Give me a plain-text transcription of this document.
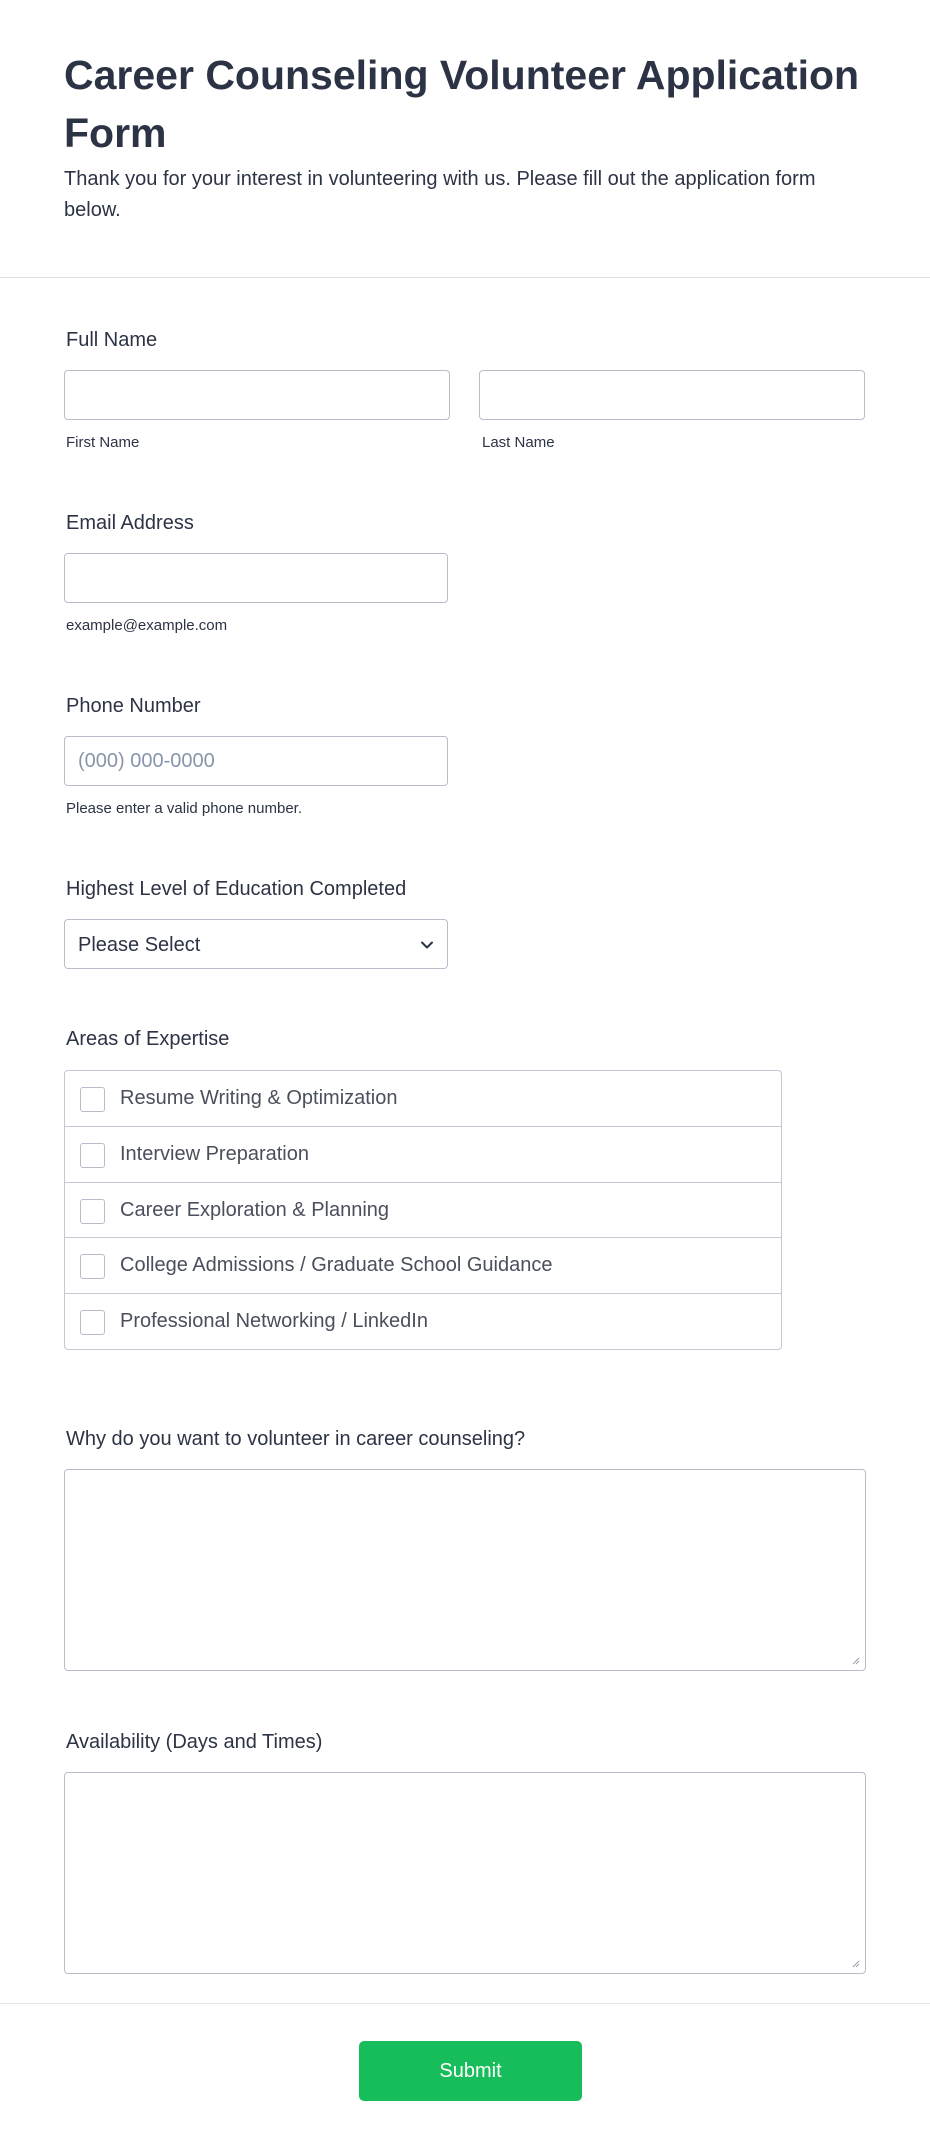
Career Counseling Volunteer Application Form

Thank you for your interest in volunteering with us. Please fill out the application form below.

Full Name
First Name	Last Name
Email Address
example@example.com
Phone Number
(000) 000-0000
Please enter a valid phone number.
Highest Level of Education Completed
Please Select
Areas of Expertise
Resume Writing & Optimization
Interview Preparation
Career Exploration & Planning
College Admissions / Graduate School Guidance
Professional Networking / LinkedIn
Why do you want to volunteer in career counseling?
Availability (Days and Times)
Submit
